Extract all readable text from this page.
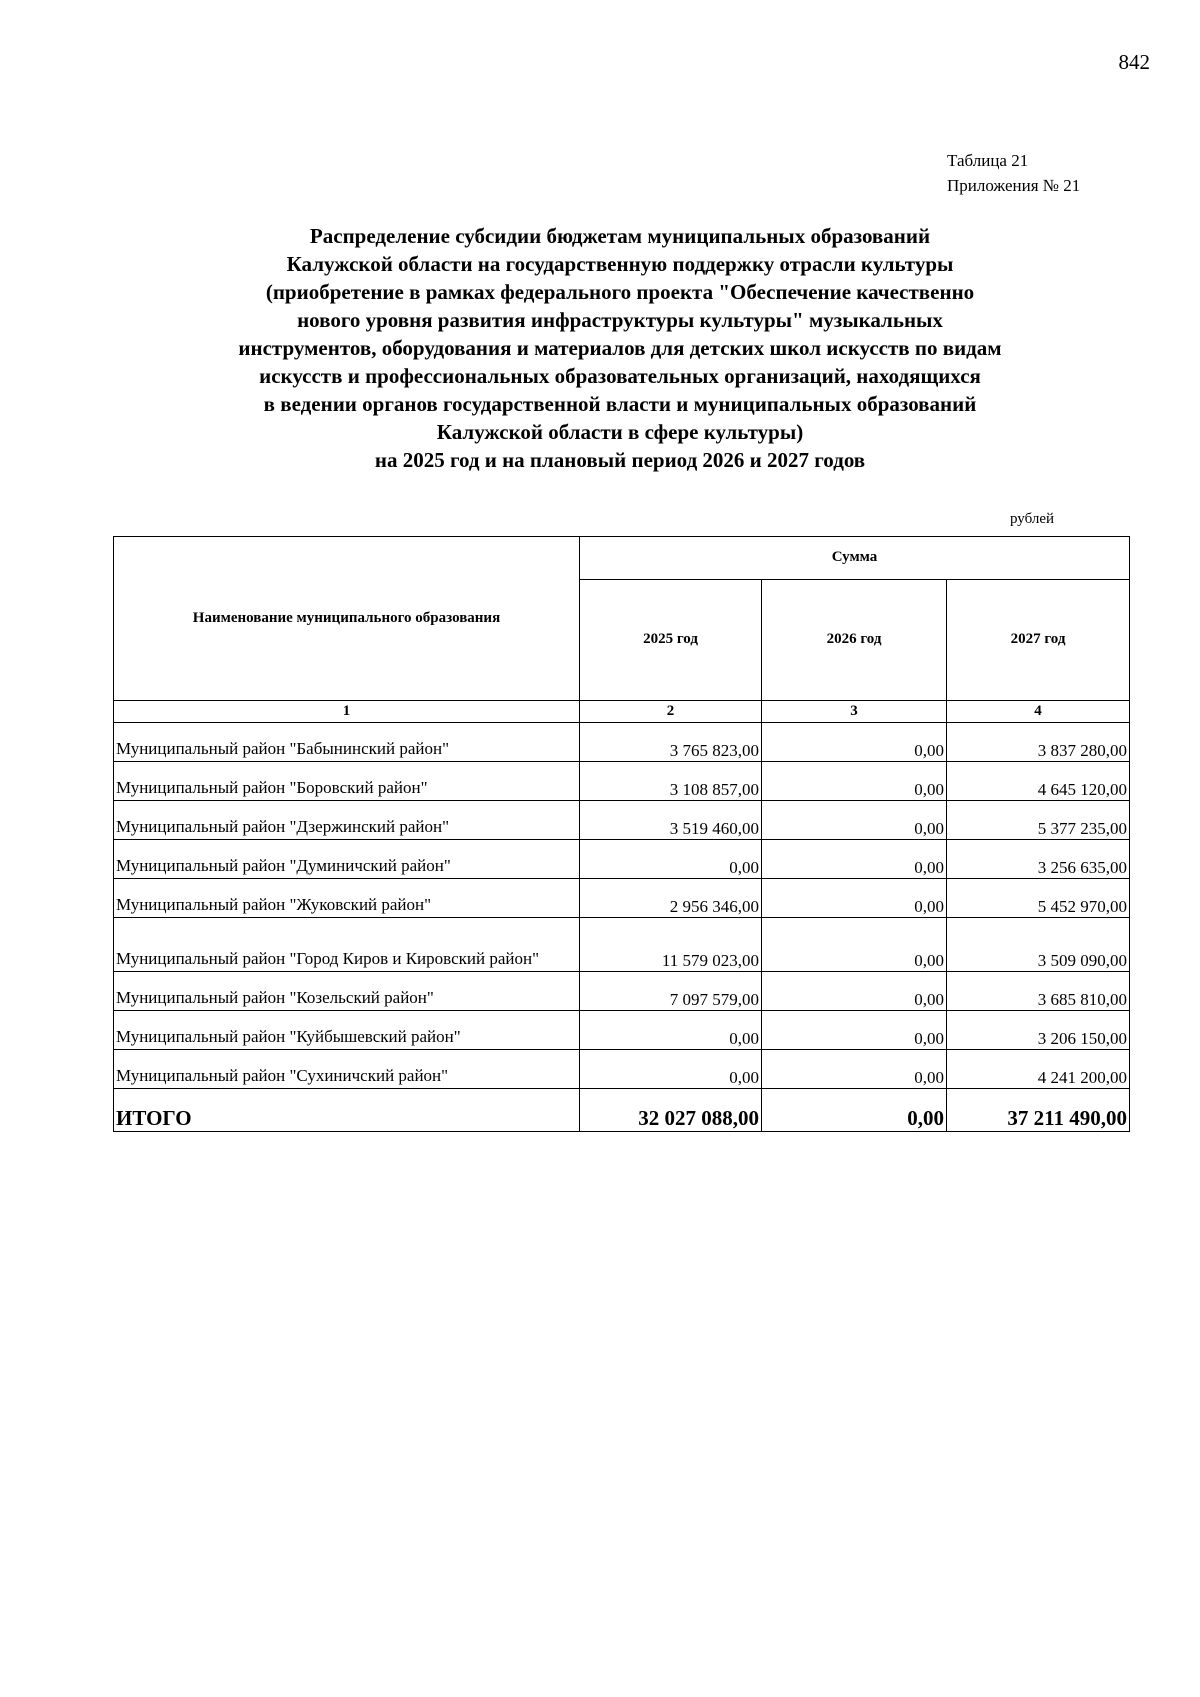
842
Таблица 21
Приложения № 21
Распределение субсидии бюджетам муниципальных образований
Калужской области на государственную поддержку отрасли культуры
(приобретение в рамках федерального проекта "Обеспечение качественно
нового уровня развития инфраструктуры культуры" музыкальных
инструментов, оборудования и материалов для детских школ искусств по видам
искусств и профессиональных образовательных организаций, находящихся
в ведении органов государственной власти и муниципальных образований
Калужской области в сфере культуры)
на 2025 год и на плановый период 2026 и 2027 годов
рублей
Наименование муниципального образования	Сумма		
	2025 год	2026 год	2027 год
1	2	3	4
Муниципальный район "Бабынинский район"	3 765 823,00	0,00	3 837 280,00
Муниципальный район "Боровский район"	3 108 857,00	0,00	4 645 120,00
Муниципальный район "Дзержинский район"	3 519 460,00	0,00	5 377 235,00
Муниципальный район "Думиничский район"	0,00	0,00	3 256 635,00
Муниципальный район "Жуковский район"	2 956 346,00	0,00	5 452 970,00
Муниципальный район "Город Киров и Кировский район"	11 579 023,00	0,00	3 509 090,00
Муниципальный район "Козельский район"	7 097 579,00	0,00	3 685 810,00
Муниципальный район "Куйбышевский район"	0,00	0,00	3 206 150,00
Муниципальный район "Сухиничский район"	0,00	0,00	4 241 200,00
ИТОГО	32 027 088,00	0,00	37 211 490,00
